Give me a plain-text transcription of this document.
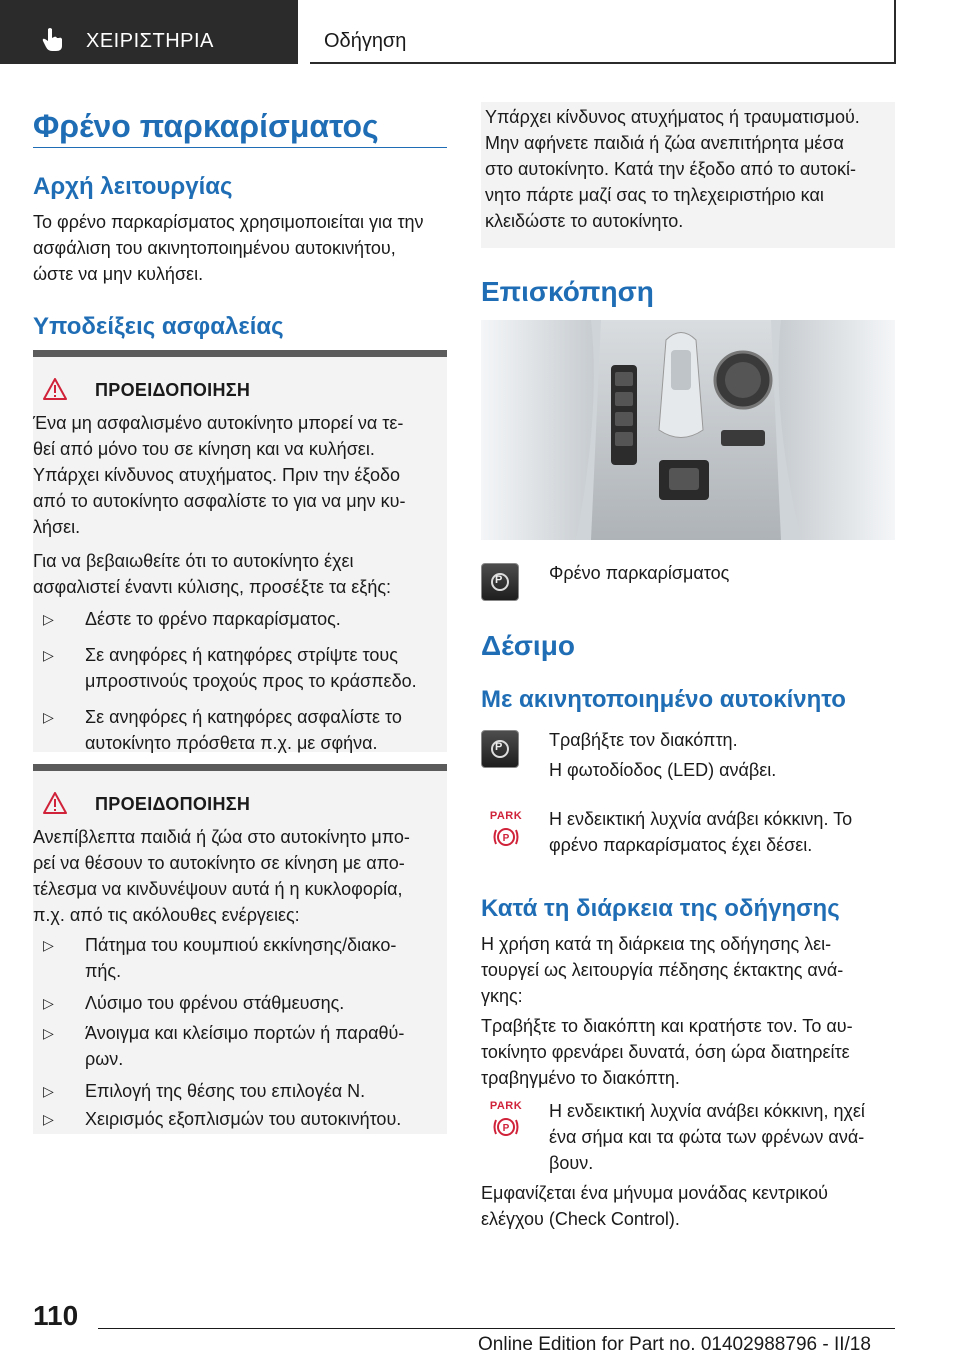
ΧΕΙΡΙΣΤΗΡΙΑ	Οδήγηση
Φρένο παρκαρίσματος
Αρχή λειτουργίας
Το φρένο παρκαρίσματος χρησιμοποιείται για την
ασφάλιση του ακινητοποιημένου αυτοκινήτου,
ώστε να μην κυλήσει.
Υποδείξεις ασφαλείας
ΠΡΟΕΙΔΟΠΟΙΗΣΗ
Ένα μη ασφαλισμένο αυτοκίνητο μπορεί να τε-
θεί από μόνο του σε κίνηση και να κυλήσει.
Υπάρχει κίνδυνος ατυχήματος. Πριν την έξοδο
από το αυτοκίνητο ασφαλίστε το για να μην κυ-
λήσει.
Για να βεβαιωθείτε ότι το αυτοκίνητο έχει
ασφαλιστεί έναντι κύλισης, προσέξτε τα εξής:
▷ Δέστε το φρένο παρκαρίσματος.
▷ Σε ανηφόρες ή κατηφόρες στρίψτε τους
μπροστινούς τροχούς προς το κράσπεδο.
▷ Σε ανηφόρες ή κατηφόρες ασφαλίστε το
αυτοκίνητο πρόσθετα π.χ. με σφήνα.
ΠΡΟΕΙΔΟΠΟΙΗΣΗ
Ανεπίβλεπτα παιδιά ή ζώα στο αυτοκίνητο μπο-
ρεί να θέσουν το αυτοκίνητο σε κίνηση με απο-
τέλεσμα να κινδυνέψουν αυτά ή η κυκλοφορία,
π.χ. από τις ακόλουθες ενέργειες:
▷ Πάτημα του κουμπιού εκκίνησης/διακο-
πής.
▷ Λύσιμο του φρένου στάθμευσης.
▷ Άνοιγμα και κλείσιμο πορτών ή παραθύ-
ρων.
▷ Επιλογή της θέσης του επιλογέα N.
▷ Χειρισμός εξοπλισμών του αυτοκινήτου.
Υπάρχει κίνδυνος ατυχήματος ή τραυματισμού.
Μην αφήνετε παιδιά ή ζώα ανεπιτήρητα μέσα
στο αυτοκίνητο. Κατά την έξοδο από το αυτοκί-
νητο πάρτε μαζί σας το τηλεχειριστήριο και
κλειδώστε το αυτοκίνητο.
Επισκόπηση
P	Φρένο παρκαρίσματος
Δέσιμο
Με ακινητοποιημένο αυτοκίνητο
P	Τραβήξτε τον διακόπτη.
Η φωτοδίοδος (LED) ανάβει.
PARK
P
Η ενδεικτική λυχνία ανάβει κόκκινη. Το
φρένο παρκαρίσματος έχει δέσει.
Κατά τη διάρκεια της οδήγησης
Η χρήση κατά τη διάρκεια της οδήγησης λει-
τουργεί ως λειτουργία πέδησης έκτακτης ανά-
γκης:
Τραβήξτε το διακόπτη και κρατήστε τον. Το αυ-
τοκίνητο φρενάρει δυνατά, όση ώρα διατηρείτε
τραβηγμένο το διακόπτη.
PARK
P
Η ενδεικτική λυχνία ανάβει κόκκινη, ηχεί
ένα σήμα και τα φώτα των φρένων ανά-
βουν.
Εμφανίζεται ένα μήνυμα μονάδας κεντρικού
ελέγχου (Check Control).
110
Online Edition for Part no. 01402988796 - II/18
